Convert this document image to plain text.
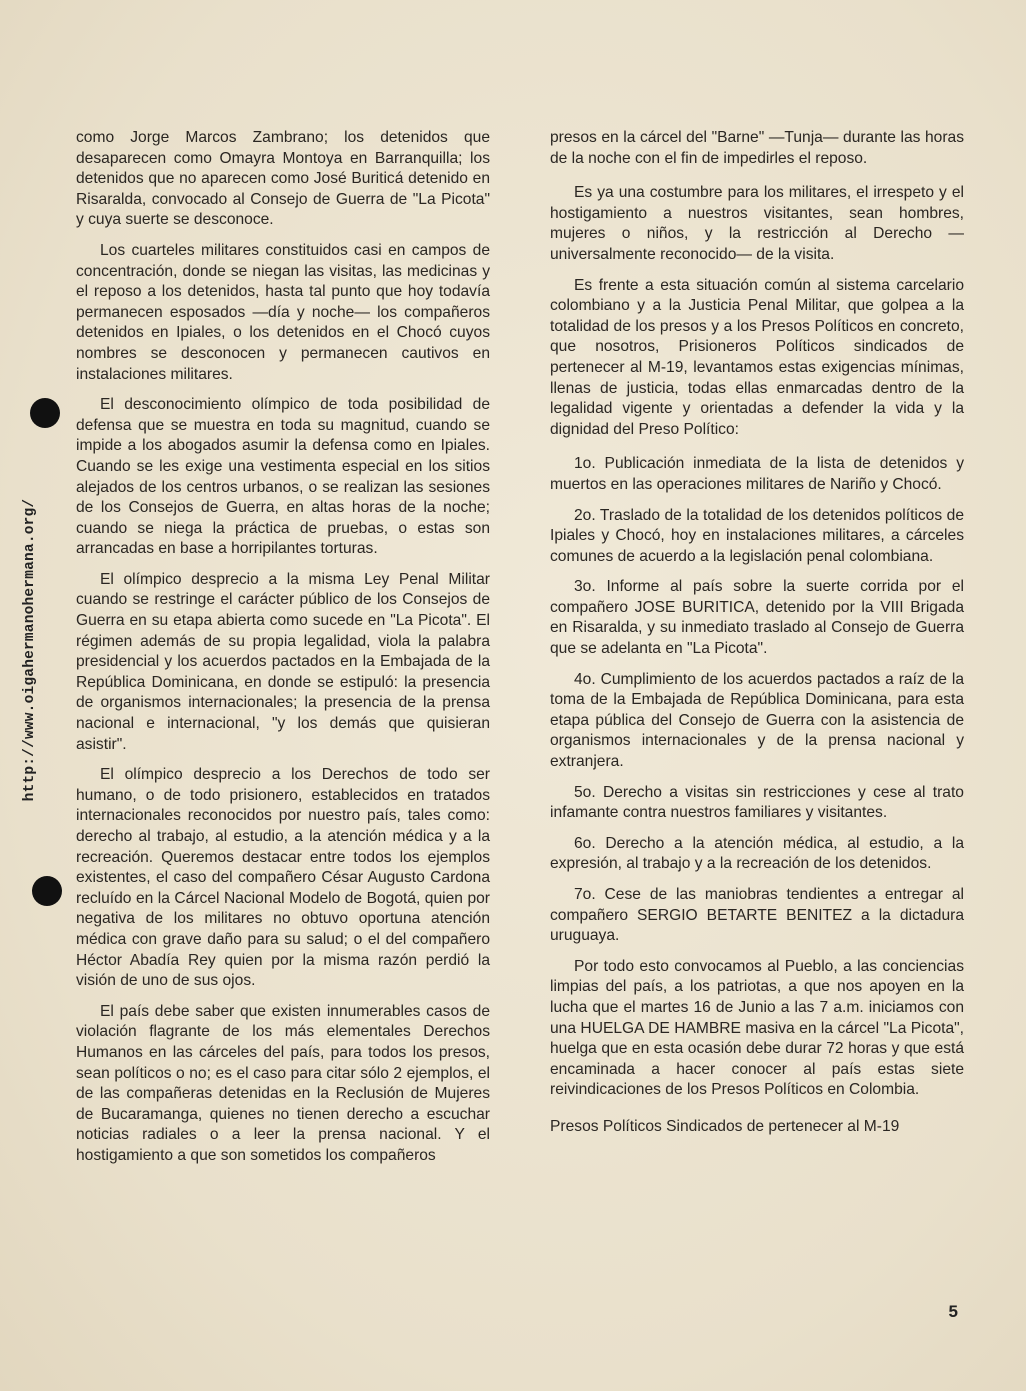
http://www.oigahermanohermana.org/

como Jorge Marcos Zambrano; los detenidos que desaparecen como Omayra Montoya en Barranquilla; los detenidos que no aparecen como José Buriticá detenido en Risaralda, convocado al Consejo de Guerra de "La Picota" y cuya suerte se desconoce.

Los cuarteles militares constituidos casi en campos de concentración, donde se niegan las visitas, las medicinas y el reposo a los detenidos, hasta tal punto que hoy todavía permanecen esposados —día y noche— los compañeros detenidos en Ipiales, o los detenidos en el Chocó cuyos nombres se desconocen y permanecen cautivos en instalaciones militares.

El desconocimiento olímpico de toda posibilidad de defensa que se muestra en toda su magnitud, cuando se impide a los abogados asumir la defensa como en Ipiales. Cuando se les exige una vestimenta especial en los sitios alejados de los centros urbanos, o se realizan las sesiones de los Consejos de Guerra, en altas horas de la noche; cuando se niega la práctica de pruebas, o estas son arrancadas en base a horripilantes torturas.

El olímpico desprecio a la misma Ley Penal Militar cuando se restringe el carácter público de los Consejos de Guerra en su etapa abierta como sucede en "La Picota". El régimen además de su propia legalidad, viola la palabra presidencial y los acuerdos pactados en la Embajada de la República Dominicana, en donde se estipuló: la presencia de organismos internacionales; la presencia de la prensa nacional e internacional, "y los demás que quisieran asistir".

El olímpico desprecio a los Derechos de todo ser humano, o de todo prisionero, establecidos en tratados internacionales reconocidos por nuestro país, tales como: derecho al trabajo, al estudio, a la atención médica y a la recreación. Queremos destacar entre todos los ejemplos existentes, el caso del compañero César Augusto Cardona recluído en la Cárcel Nacional Modelo de Bogotá, quien por negativa de los militares no obtuvo oportuna atención médica con grave daño para su salud; o el del compañero Héctor Abadía Rey quien por la misma razón perdió la visión de uno de sus ojos.

El país debe saber que existen innumerables casos de violación flagrante de los más elementales Derechos Humanos en las cárceles del país, para todos los presos, sean políticos o no; es el caso para citar sólo 2 ejemplos, el de las compañeras detenidas en la Reclusión de Mujeres de Bucaramanga, quienes no tienen derecho a escuchar noticias radiales o a leer la prensa nacional. Y el hostigamiento a que son sometidos los compañeros

presos en la cárcel del "Barne" —Tunja— durante las horas de la noche con el fin de impedirles el reposo.

Es ya una costumbre para los militares, el irrespeto y el hostigamiento a nuestros visitantes, sean hombres, mujeres o niños, y la restricción al Derecho —universalmente reconocido— de la visita.

Es frente a esta situación común al sistema carcelario colombiano y a la Justicia Penal Militar, que golpea a la totalidad de los presos y a los Presos Políticos en concreto, que nosotros, Prisioneros Políticos sindicados de pertenecer al M-19, levantamos estas exigencias mínimas, llenas de justicia, todas ellas enmarcadas dentro de la legalidad vigente y orientadas a defender la vida y la dignidad del Preso Político:

1o. Publicación inmediata de la lista de detenidos y muertos en las operaciones militares de Nariño y Chocó.

2o. Traslado de la totalidad de los detenidos políticos de Ipiales y Chocó, hoy en instalaciones militares, a cárceles comunes de acuerdo a la legislación penal colombiana.

3o. Informe al país sobre la suerte corrida por el compañero JOSE BURITICA, detenido por la VIII Brigada en Risaralda, y su inmediato traslado al Consejo de Guerra que se adelanta en "La Picota".

4o. Cumplimiento de los acuerdos pactados a raíz de la toma de la Embajada de República Dominicana, para esta etapa pública del Consejo de Guerra con la asistencia de organismos internacionales y de la prensa nacional y extranjera.

5o. Derecho a visitas sin restricciones y cese al trato infamante contra nuestros familiares y visitantes.

6o. Derecho a la atención médica, al estudio, a la expresión, al trabajo y a la recreación de los detenidos.

7o. Cese de las maniobras tendientes a entregar al compañero SERGIO BETARTE BENITEZ a la dictadura uruguaya.

Por todo esto convocamos al Pueblo, a las conciencias limpias del país, a los patriotas, a que nos apoyen en la lucha que el martes 16 de Junio a las 7 a.m. iniciamos con una HUELGA DE HAMBRE masiva en la cárcel "La Picota", huelga que en esta ocasión debe durar 72 horas y que está encaminada a hacer conocer al país estas siete reivindicaciones de los Presos Políticos en Colombia.

Presos Políticos Sindicados de pertenecer al M-19

5
